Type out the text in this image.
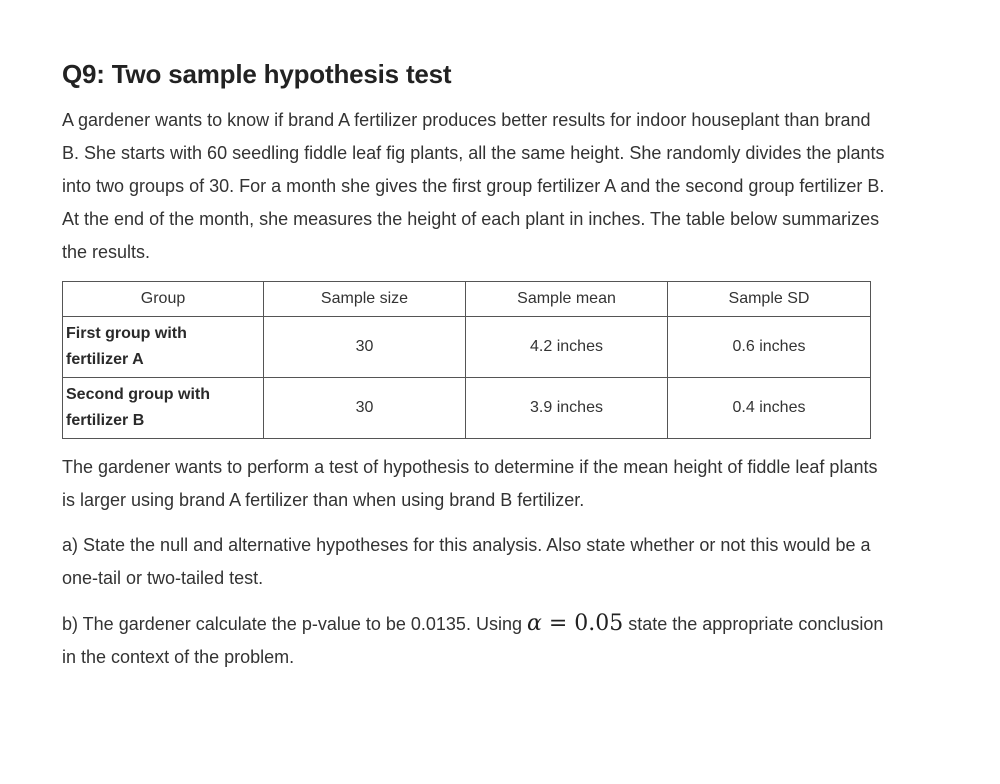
Q9: Two sample hypothesis test

A gardener wants to know if brand A fertilizer produces better results for indoor houseplant than brand B. She starts with 60 seedling fiddle leaf fig plants, all the same height. She randomly divides the plants into two groups of 30. For a month she gives the first group fertilizer A and the second group fertilizer B. At the end of the month, she measures the height of each plant in inches. The table below summarizes the results.

Group	Sample size	Sample mean	Sample SD
First group with
fertilizer A	30	4.2 inches	0.6 inches
Second group with
fertilizer B	30	3.9 inches	0.4 inches

The gardener wants to perform a test of hypothesis to determine if the mean height of fiddle leaf plants is larger using brand A fertilizer than when using brand B fertilizer.

a) State the null and alternative hypotheses for this analysis. Also state whether or not this would be a one-tail or two-tailed test.

b) The gardener calculate the p-value to be 0.0135. Using α = 0.05 state the appropriate conclusion in the context of the problem.
